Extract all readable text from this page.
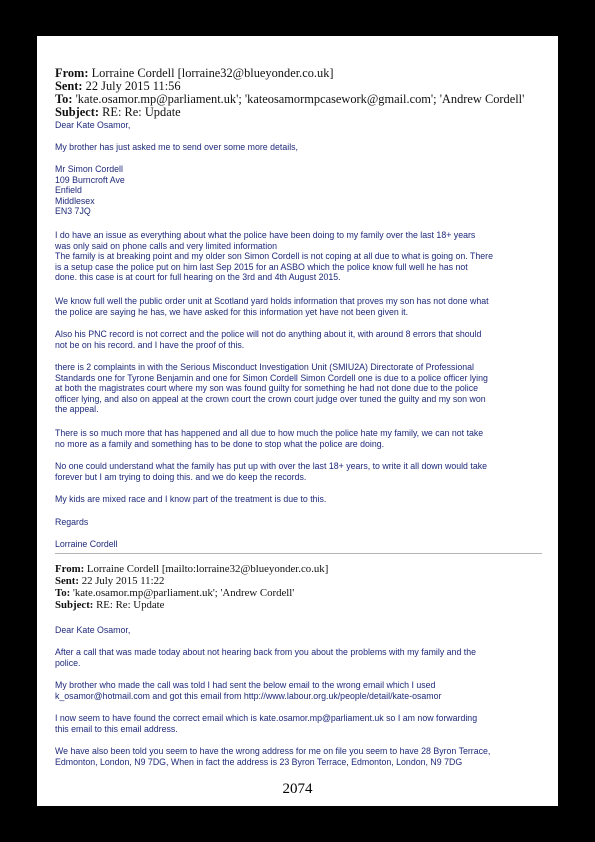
From: Lorraine Cordell [lorraine32@blueyonder.co.uk]
Sent: 22 July 2015 11:56
To: 'kate.osamor.mp@parliament.uk'; 'kateosamormpcasework@gmail.com'; 'Andrew Cordell'
Subject: RE: Re: Update
Dear Kate Osamor,
My brother has just asked me to send over some more details,
Mr Simon Cordell
109 Burncroft Ave
Enfield
Middlesex
EN3 7JQ
I do have an issue as everything about what the police have been doing to my family over the last 18+ years
was only said on phone calls and very limited information
The family is at breaking point and my older son Simon Cordell is not coping at all due to what is going on. There
is a setup case the police put on him last Sep 2015 for an ASBO which the police know full well he has not
done. this case is at court for full hearing on the 3rd and 4th August 2015.
We know full well the public order unit at Scotland yard holds information that proves my son has not done what
the police are saying he has, we have asked for this information yet have not been given it.
Also his PNC record is not correct and the police will not do anything about it, with around 8 errors that should
not be on his record. and I have the proof of this.
there is 2 complaints in with the Serious Misconduct Investigation Unit (SMIU2A) Directorate of Professional
Standards one for Tyrone Benjamin and one for Simon Cordell Simon Cordell one is due to a police officer lying
at both the magistrates court where my son was found guilty for something he had not done due to the police
officer lying, and also on appeal at the crown court the crown court judge over tuned the guilty and my son won
the appeal.
There is so much more that has happened and all due to how much the police hate my family, we can not take
no more as a family and something has to be done to stop what the police are doing.
No one could understand what the family has put up with over the last 18+ years, to write it all down would take
forever but I am trying to doing this. and we do keep the records.
My kids are mixed race and I know part of the treatment is due to this.
Regards
Lorraine Cordell
From: Lorraine Cordell [mailto:lorraine32@blueyonder.co.uk]
Sent: 22 July 2015 11:22
To: 'kate.osamor.mp@parliament.uk'; 'Andrew Cordell'
Subject: RE: Re: Update
Dear Kate Osamor,
After a call that was made today about not hearing back from you about the problems with my family and the
police.
My brother who made the call was told I had sent the below email to the wrong email which I used
k_osamor@hotmail.com and got this email from http://www.labour.org.uk/people/detail/kate-osamor
I now seem to have found the correct email which is kate.osamor.mp@parliament.uk so I am now forwarding
this email to this email address.
We have also been told you seem to have the wrong address for me on file you seem to have 28 Byron Terrace,
Edmonton, London, N9 7DG, When in fact the address is 23 Byron Terrace, Edmonton, London, N9 7DG
2074
